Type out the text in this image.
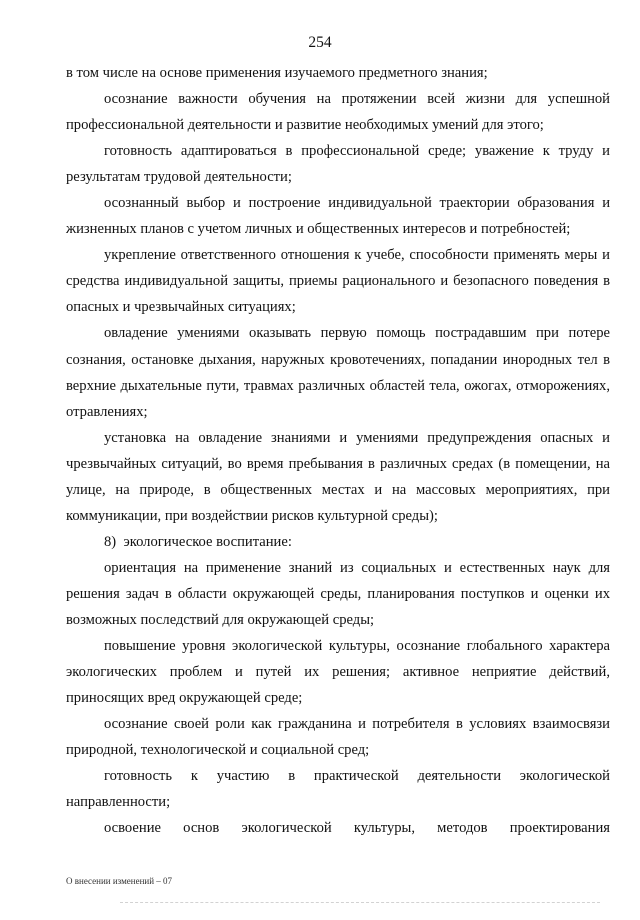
254

в том числе на основе применения изучаемого предметного знания;

осознание важности обучения на протяжении всей жизни для успешной профессиональной деятельности и развитие необходимых умений для этого;

готовность адаптироваться в профессиональной среде; уважение к труду и результатам трудовой деятельности;

осознанный выбор и построение индивидуальной траектории образования и жизненных планов с учетом личных и общественных интересов и потребностей;

укрепление ответственного отношения к учебе, способности применять меры и средства индивидуальной защиты, приемы рационального и безопасного поведения в опасных и чрезвычайных ситуациях;

овладение умениями оказывать первую помощь пострадавшим при потере сознания, остановке дыхания, наружных кровотечениях, попадании инородных тел в верхние дыхательные пути, травмах различных областей тела, ожогах, отморожениях, отравлениях;

установка на овладение знаниями и умениями предупреждения опасных и чрезвычайных ситуаций, во время пребывания в различных средах (в помещении, на улице, на природе, в общественных местах и на массовых мероприятиях, при коммуникации, при воздействии рисков культурной среды);

8)  экологическое воспитание:

ориентация на применение знаний из социальных и естественных наук для решения задач в области окружающей среды, планирования поступков и оценки их возможных последствий для окружающей среды;

повышение уровня экологической культуры, осознание глобального характера экологических проблем и путей их решения; активное неприятие действий, приносящих вред окружающей среде;

осознание своей роли как гражданина и потребителя в условиях взаимосвязи природной, технологической и социальной сред;

готовность к участию в практической деятельности экологической направленности;

освоение основ экологической культуры, методов проектирования

О внесении изменений – 07
